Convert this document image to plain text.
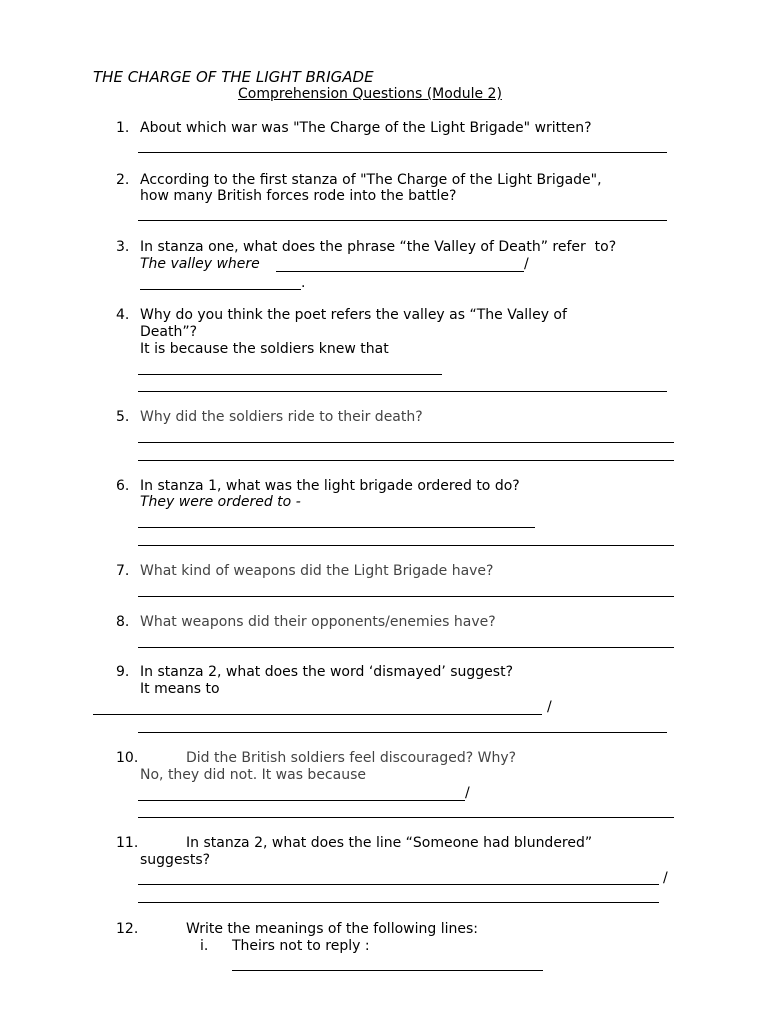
THE CHARGE OF THE LIGHT BRIGADE
Comprehension Questions (Module 2)
1. About which war was "The Charge of the Light Brigade" written?
2. According to the first stanza of "The Charge of the Light Brigade",
how many British forces rode into the battle?
3. In stanza one, what does the phrase “the Valley of Death” refer  to?
The valley where	/
.
4. Why do you think the poet refers the valley as “The Valley of
Death”?
It is because the soldiers knew that
5. Why did the soldiers ride to their death?
6. In stanza 1, what was the light brigade ordered to do?
They were ordered to -
7. What kind of weapons did the Light Brigade have?
8. What weapons did their opponents/enemies have?
9. In stanza 2, what does the word ‘dismayed’ suggest?
It means to
/
10.	Did the British soldiers feel discouraged? Why?
No, they did not. It was because
/
11.	In stanza 2, what does the line “Someone had blundered”
suggests?
/
12.	Write the meanings of the following lines:
i. Theirs not to reply :
